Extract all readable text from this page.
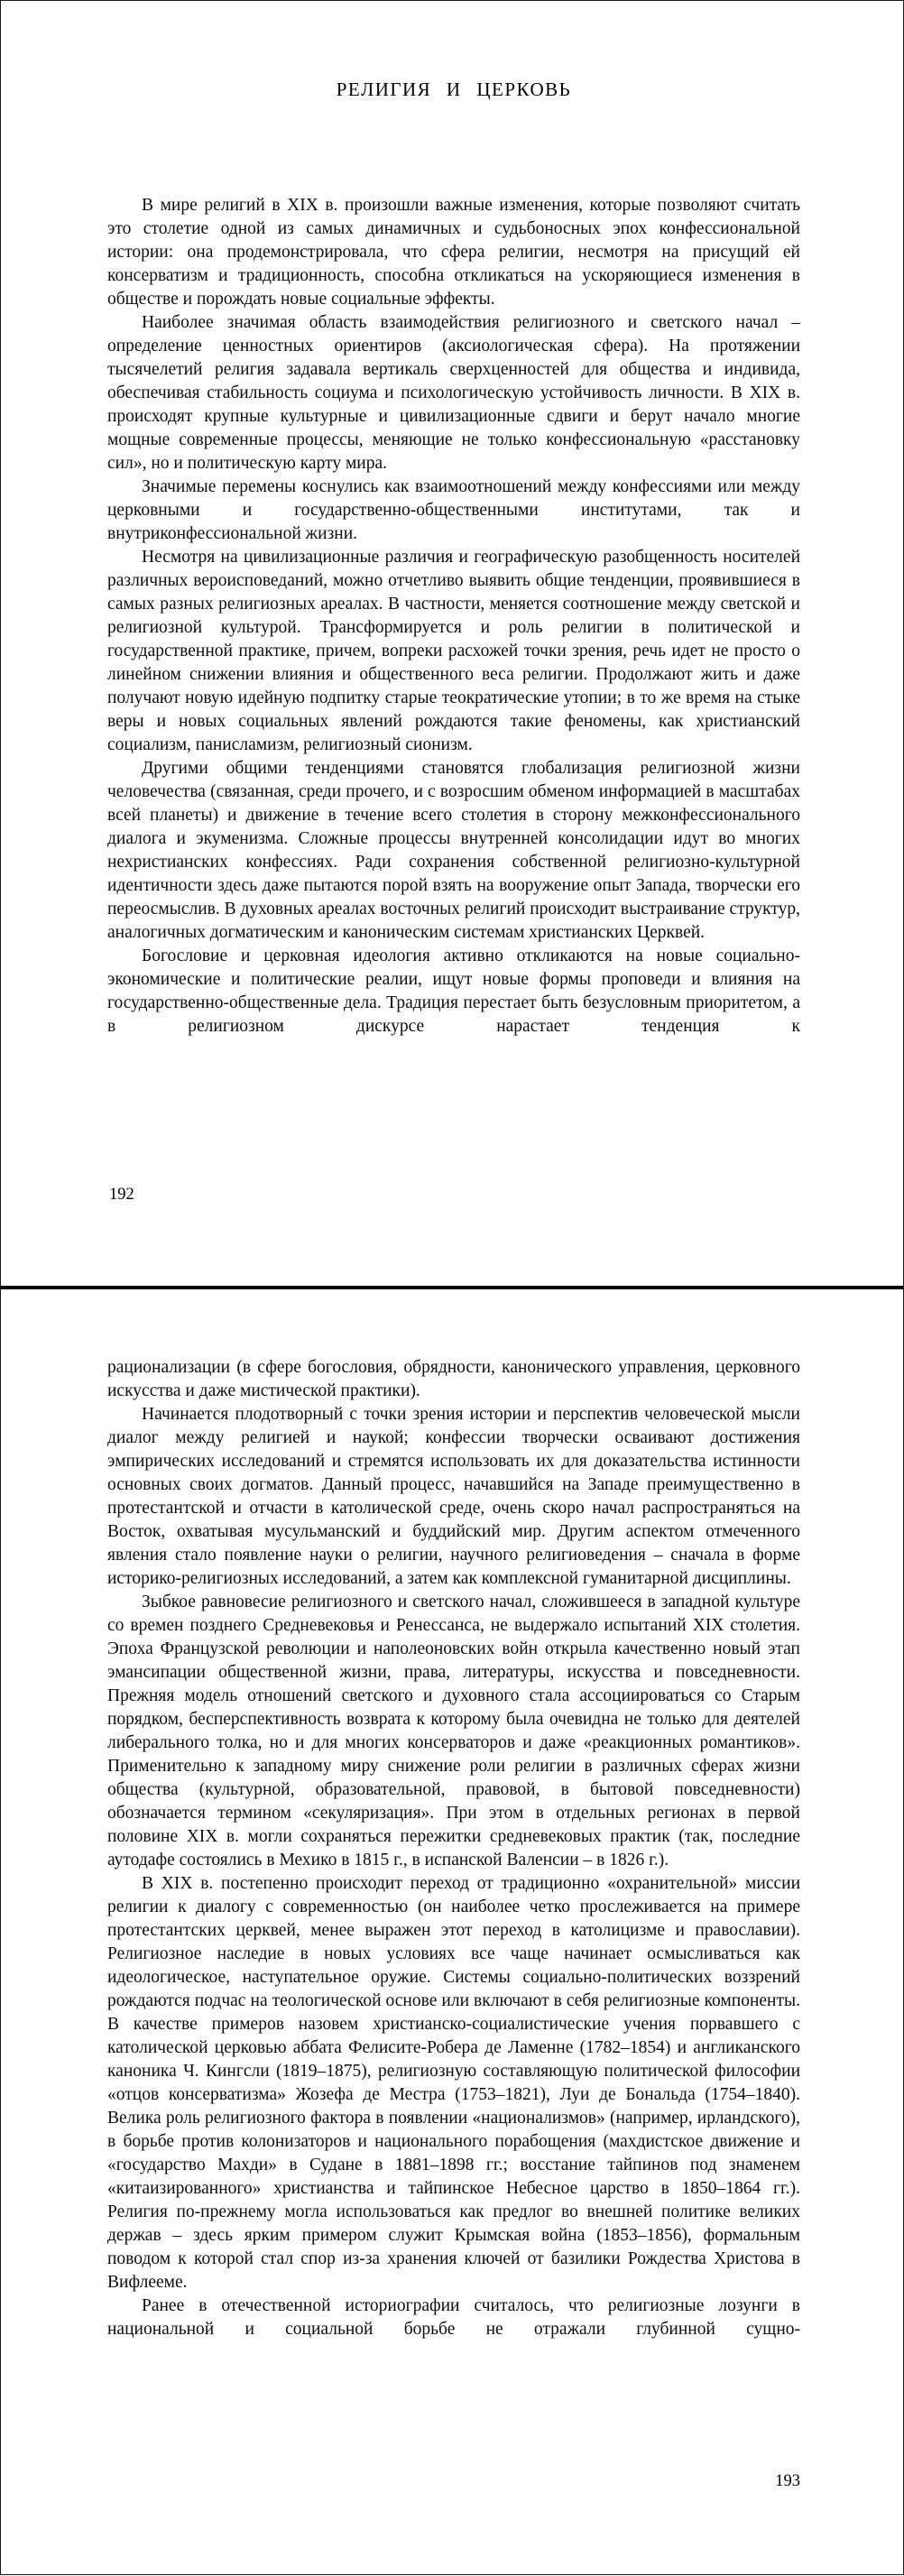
РЕЛИГИЯ И ЦЕРКОВЬ

В мире религий в XIX в. произошли важные изменения, которые позволяют считать это столетие одной из самых динамичных и судьбоносных эпох конфессиональной истории: она продемонстрировала, что сфера религии, несмотря на присущий ей консерватизм и традиционность, способна откликаться на ускоряющиеся изменения в обществе и порождать новые социальные эффекты.

Наиболее значимая область взаимодействия религиозного и светского начал – определение ценностных ориентиров (аксиологическая сфера). На протяжении тысячелетий религия задавала вертикаль сверхценностей для общества и индивида, обеспечивая стабильность социума и психологическую устойчивость личности. В XIX в. происходят крупные культурные и цивилизационные сдвиги и берут начало многие мощные современные процессы, меняющие не только конфессиональную «расстановку сил», но и политическую карту мира.

Значимые перемены коснулись как взаимоотношений между конфессиями или между церковными и государственно-общественными институтами, так и внутриконфессиональной жизни.

Несмотря на цивилизационные различия и географическую разобщенность носителей различных вероисповеданий, можно отчетливо выявить общие тенденции, проявившиеся в самых разных религиозных ареалах. В частности, меняется соотношение между светской и религиозной культурой. Трансформируется и роль религии в политической и государственной практике, причем, вопреки расхожей точки зрения, речь идет не просто о линейном снижении влияния и общественного веса религии. Продолжают жить и даже получают новую идейную подпитку старые теократические утопии; в то же время на стыке веры и новых социальных явлений рождаются такие феномены, как христианский социализм, панисламизм, религиозный сионизм.

Другими общими тенденциями становятся глобализация религиозной жизни человечества (связанная, среди прочего, и с возросшим обменом информацией в масштабах всей планеты) и движение в течение всего столетия в сторону межконфессионального диалога и экуменизма. Сложные процессы внутренней консолидации идут во многих нехристианских конфессиях. Ради сохранения собственной религиозно-культурной идентичности здесь даже пытаются порой взять на вооружение опыт Запада, творчески его переосмыслив. В духовных ареалах восточных религий происходит выстраивание структур, аналогичных догматическим и каноническим системам христианских Церквей.

Богословие и церковная идеология активно откликаются на новые социально-экономические и политические реалии, ищут новые формы проповеди и влияния на государственно-общественные дела. Традиция перестает быть безусловным приоритетом, а в религиозном дискурсе нарастает тенденция к

192

рационализации (в сфере богословия, обрядности, канонического управления, церковного искусства и даже мистической практики).

Начинается плодотворный с точки зрения истории и перспектив человеческой мысли диалог между религией и наукой; конфессии творчески осваивают достижения эмпирических исследований и стремятся использовать их для доказательства истинности основных своих догматов. Данный процесс, начавшийся на Западе преимущественно в протестантской и отчасти в католической среде, очень скоро начал распространяться на Восток, охватывая мусульманский и буддийский мир. Другим аспектом отмеченного явления стало появление науки о религии, научного религиоведения – сначала в форме историко-религиозных исследований, а затем как комплексной гуманитарной дисциплины.

Зыбкое равновесие религиозного и светского начал, сложившееся в западной культуре со времен позднего Средневековья и Ренессанса, не выдержало испытаний XIX столетия. Эпоха Французской революции и наполеоновских войн открыла качественно новый этап эмансипации общественной жизни, права, литературы, искусства и повседневности. Прежняя модель отношений светского и духовного стала ассоциироваться со Старым порядком, бесперспективность возврата к которому была очевидна не только для деятелей либерального толка, но и для многих консерваторов и даже «реакционных романтиков». Применительно к западному миру снижение роли религии в различных сферах жизни общества (культурной, образовательной, правовой, в бытовой повседневности) обозначается термином «секуляризация». При этом в отдельных регионах в первой половине XIX в. могли сохраняться пережитки средневековых практик (так, последние аутодафе состоялись в Мехико в 1815 г., в испанской Валенсии – в 1826 г.).

В XIX в. постепенно происходит переход от традиционно «охранительной» миссии религии к диалогу с современностью (он наиболее четко прослеживается на примере протестантских церквей, менее выражен этот переход в католицизме и православии). Религиозное наследие в новых условиях все чаще начинает осмысливаться как идеологическое, наступательное оружие. Системы социально-политических воззрений рождаются подчас на теологической основе или включают в себя религиозные компоненты. В качестве примеров назовем христианско-социалистические учения порвавшего с католической церковью аббата Фелисите-Робера де Ламенне (1782–1854) и англиканского каноника Ч. Кингсли (1819–1875), религиозную составляющую политической философии «отцов консерватизма» Жозефа де Местра (1753–1821), Луи де Бональда (1754–1840). Велика роль религиозного фактора в появлении «национализмов» (например, ирландского), в борьбе против колонизаторов и национального порабощения (махдистское движение и «государство Махди» в Судане в 1881–1898 гг.; восстание тайпинов под знаменем «китаизированного» христианства и тайпинское Небесное царство в 1850–1864 гг.). Религия по-прежнему могла использоваться как предлог во внешней политике великих держав – здесь ярким примером служит Крымская война (1853–1856), формальным поводом к которой стал спор из-за хранения ключей от базилики Рождества Христова в Вифлееме.

Ранее в отечественной историографии считалось, что религиозные лозунги в национальной и социальной борьбе не отражали глубинной сущно-

193
